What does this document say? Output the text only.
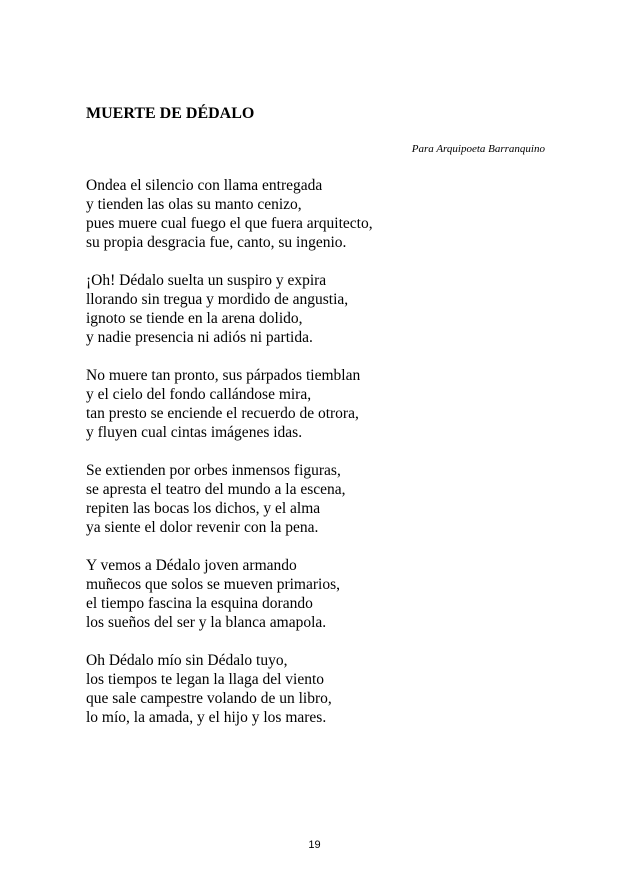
MUERTE DE DÉDALO
Para Arquipoeta Barranquino
Ondea el silencio con llama entregada
y tienden las olas su manto cenizo,
pues muere cual fuego el que fuera arquitecto,
su propia desgracia fue, canto, su ingenio.
¡Oh! Dédalo suelta un suspiro y expira
llorando sin tregua y mordido de angustia,
ignoto se tiende en la arena dolido,
y nadie presencia ni adiós ni partida.
No muere tan pronto, sus párpados tiemblan
y el cielo del fondo callándose mira,
tan presto se enciende el recuerdo de otrora,
y fluyen cual cintas imágenes idas.
Se extienden por orbes inmensos figuras,
se apresta el teatro del mundo a la escena,
repiten las bocas los dichos, y el alma
ya siente el dolor revenir con la pena.
Y vemos a Dédalo joven armando
muñecos que solos se mueven primarios,
el tiempo fascina la esquina dorando
los sueños del ser y la blanca amapola.
Oh Dédalo mío sin Dédalo tuyo,
los tiempos te legan la llaga del viento
que sale campestre volando de un libro,
lo mío, la amada, y el hijo y los mares.
19
